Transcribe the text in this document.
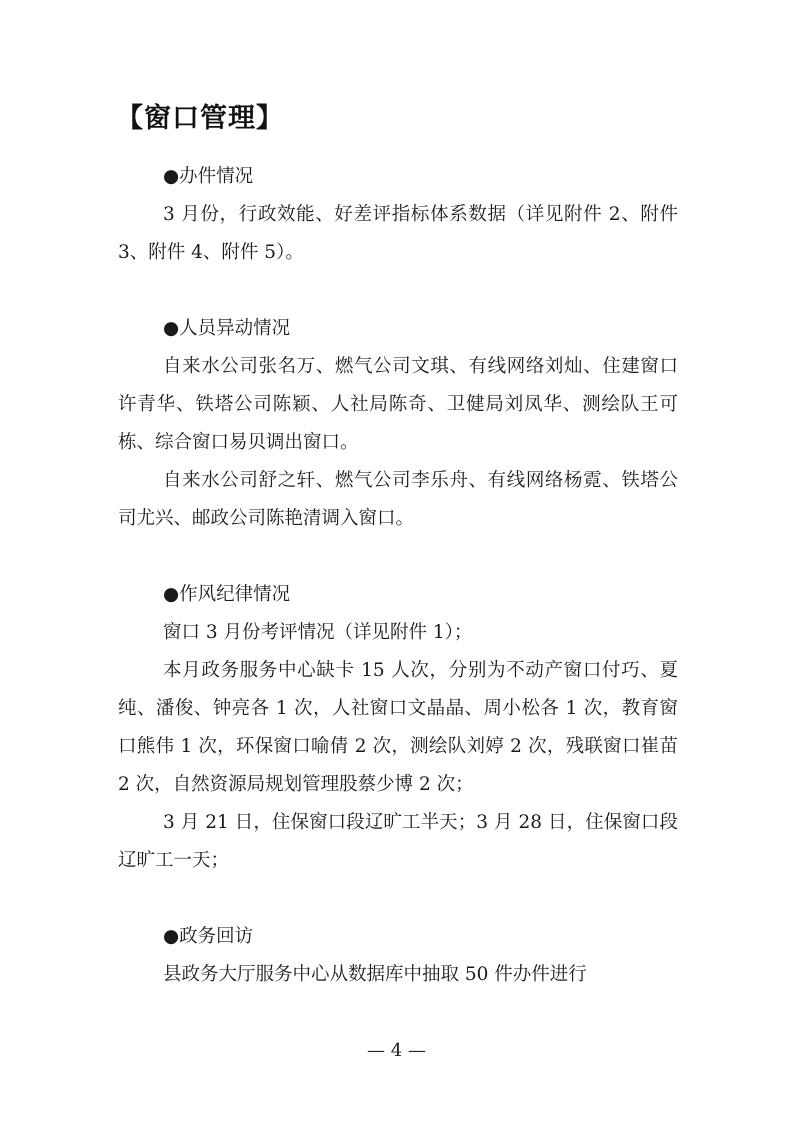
【窗口管理】
●办件情况

3 月份，行政效能、好差评指标体系数据（详见附件 2、附件 3、附件 4、附件 5）。

●人员异动情况

自来水公司张名万、燃气公司文琪、有线网络刘灿、住建窗口许青华、铁塔公司陈颖、人社局陈奇、卫健局刘凤华、测绘队王可栋、综合窗口易贝调出窗口。

自来水公司舒之轩、燃气公司李乐舟、有线网络杨霓、铁塔公司尤兴、邮政公司陈艳清调入窗口。

●作风纪律情况

窗口 3 月份考评情况（详见附件 1）；

本月政务服务中心缺卡 15 人次，分别为不动产窗口付巧、夏纯、潘俊、钟亮各 1 次，人社窗口文晶晶、周小松各 1 次，教育窗口熊伟 1 次，环保窗口喻倩 2 次，测绘队刘婷 2 次，残联窗口崔苗 2 次，自然资源局规划管理股蔡少博 2 次；

3 月 21 日，住保窗口段辽旷工半天；3 月 28 日，住保窗口段辽旷工一天；

●政务回访

县政务大厅服务中心从数据库中抽取 50 件办件进行

— 4 —
